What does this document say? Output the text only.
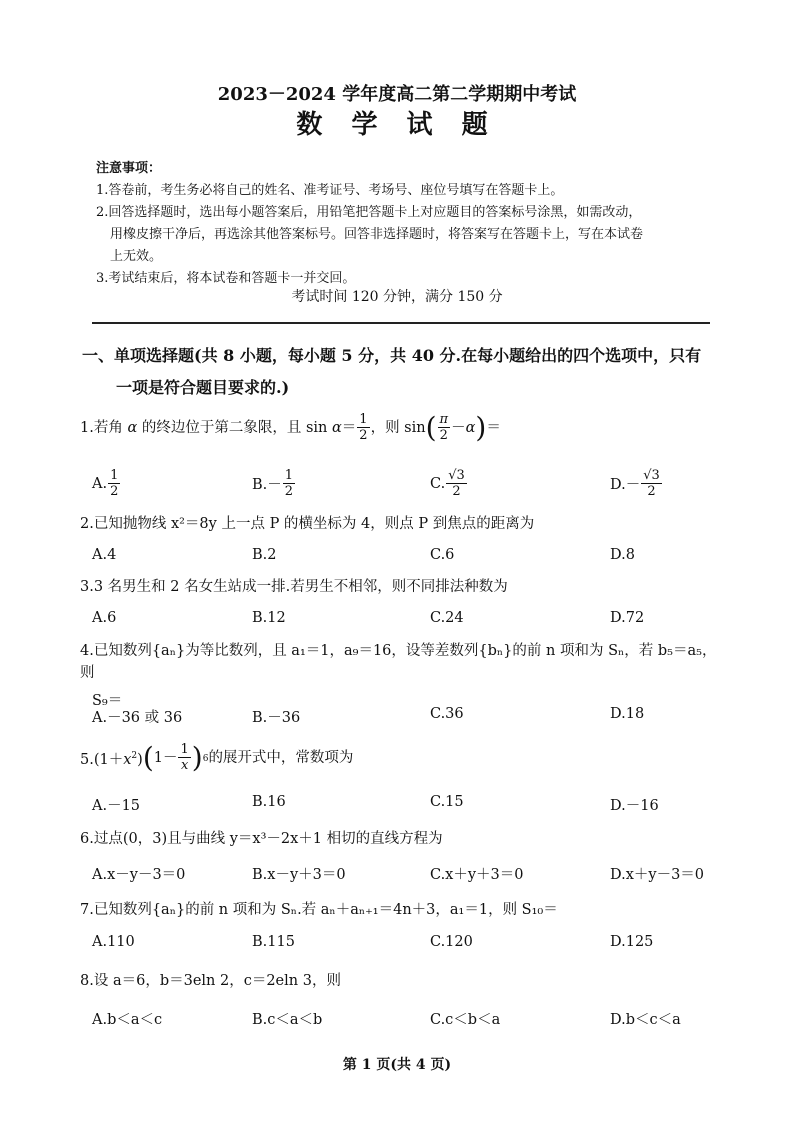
2023－2024 学年度高二第二学期期中考试
数 学 试 题
注意事项：
1.答卷前，考生务必将自己的姓名、准考证号、考场号、座位号填写在答题卡上。
2.回答选择题时，选出每小题答案后，用铅笔把答题卡上对应题目的答案标号涂黑，如需改动，
用橡皮擦干净后，再选涂其他答案标号。回答非选择题时，将答案写在答题卡上，写在本试卷
上无效。
3.考试结束后，将本试卷和答题卡一并交回。
考试时间 120 分钟，满分 150 分
一、单项选择题(共 8 小题，每小题 5 分，共 40 分.在每小题给出的四个选项中，只有
一项是符合题目要求的.)
1.若角 α 的终边位于第二象限，且 $\sin \alpha= \frac{1}{2}$ ，则 sin ( $\frac{\pi}{2} -\alpha$ ) ＝
A. $\frac{1}{2}$	$B.- \frac{1}{2}$	C. $\frac{√3}{2}$	$D.- \frac{√3}{2}$
2.已知抛物线 x²＝8y 上一点 P 的横坐标为 4，则点 P 到焦点的距离为
A.4	B.2	C.6	D.8
3.3 名男生和 2 名女生站成一排.若男生不相邻，则不同排法种数为
A.6	B.12	C.24	D.72
4.已知数列{aₙ}为等比数列，且 a₁＝1，a₉＝16，设等差数列{bₙ}的前 n 项和为 Sₙ，若 b₅＝a₅，则
S₉＝
A.－36 或 36	B.－36	C.36	D.18
$5.(1+x^2)$ ( $1- \frac{1}{x}$ ) 6 的展开式中，常数项为
A.－15	B.16	C.15	D.－16
6.过点(0，3)且与曲线 y＝x³－2x＋1 相切的直线方程为
A.x－y－3＝0	B.x－y＋3＝0	C.x＋y＋3＝0	D.x＋y－3＝0
7.已知数列{aₙ}的前 n 项和为 Sₙ.若 aₙ＋aₙ₊₁＝4n＋3，a₁＝1，则 S₁₀＝
A.110	B.115	C.120	D.125
8.设 a＝6，b＝3eln 2，c＝2eln 3，则
A.b＜a＜c	B.c＜a＜b	C.c＜b＜a	D.b＜c＜a
第 1 页(共 4 页)
